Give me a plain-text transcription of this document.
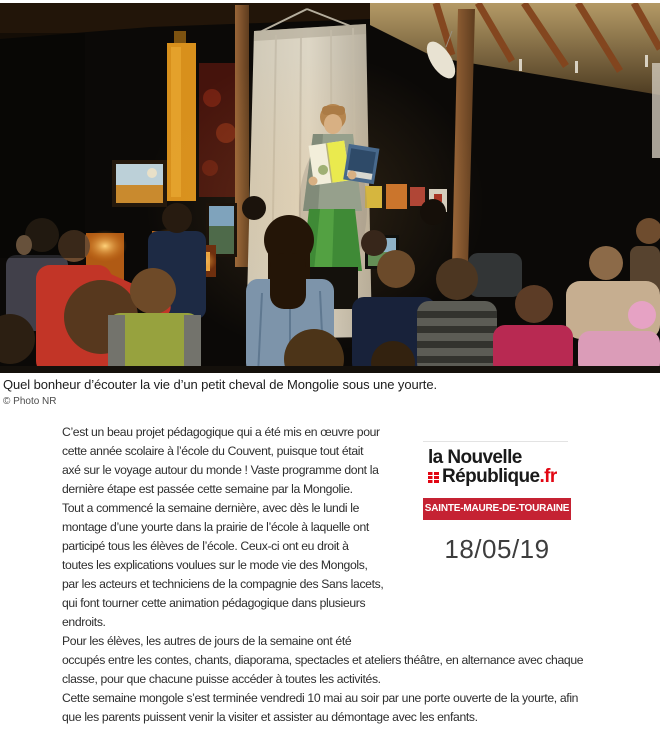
Quel bonheur d’écouter la vie d’un petit cheval de Mongolie sous une yourte.
© Photo NR
la Nouvelle
République .fr
SAINTE-MAURE-DE-TOURAINE
18/05/19
C’est un beau projet pédagogique qui a été mis en œuvre pour
cette année scolaire à l’école du Couvent, puisque tout était
axé sur le voyage autour du monde ! Vaste programme dont la
dernière étape est passée cette semaine par la Mongolie.
Tout a commencé la semaine dernière, avec dès le lundi le
montage d’une yourte dans la prairie de l’école à laquelle ont
participé tous les élèves de l’école. Ceux-ci ont eu droit à
toutes les explications voulues sur le mode vie des Mongols,
par les acteurs et techniciens de la compagnie des Sans lacets,
qui font tourner cette animation pédagogique dans plusieurs
endroits.
Pour les élèves, les autres de jours de la semaine ont été
occupés entre les contes, chants, diaporama, spectacles et ateliers théâtre, en alternance avec chaque
classe, pour que chacune puisse accéder à toutes les activités.
Cette semaine mongole s’est terminée vendredi 10 mai au soir par une porte ouverte de la yourte, afin
que les parents puissent venir la visiter et assister au démontage avec les enfants.
